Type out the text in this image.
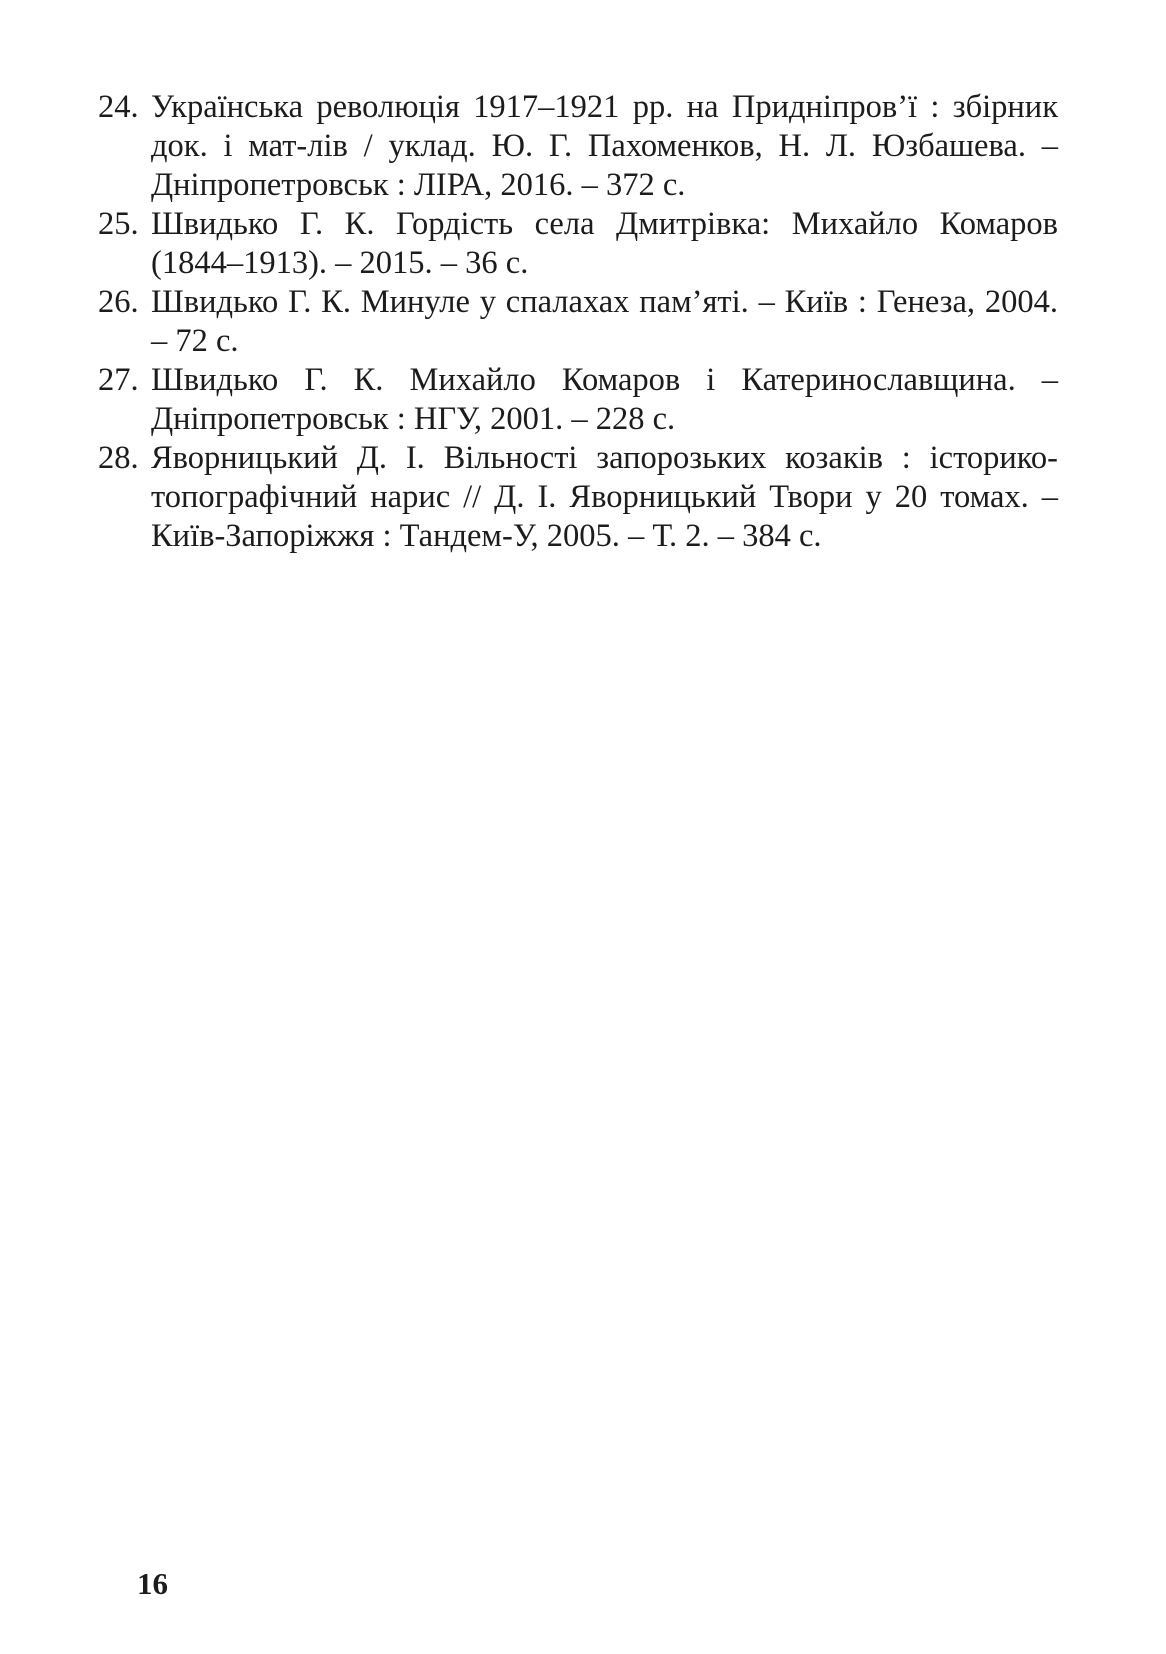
24. Українська революція 1917–1921 рр. на Придніпров’ї : збірник док. і мат-лів / уклад. Ю. Г. Пахоменков, Н. Л. Юзбашева. – Дніпропетровськ : ЛІРА, 2016. – 372 с.
25. Швидько Г. К. Гордість села Дмитрівка: Михайло Комаров (1844–1913). – 2015. – 36 с.
26. Швидько Г. К. Минуле у спалахах пам’яті. – Київ : Генеза, 2004. – 72 с.
27. Швидько Г. К. Михайло Комаров і Катеринославщина. – Дніпропетровськ : НГУ, 2001. – 228 с.
28. Яворницький Д. І. Вільності запорозьких козаків : історико-топографічний нарис // Д. І. Яворницький Твори у 20 томах. – Київ-Запоріжжя : Тандем-У, 2005. – Т. 2. – 384 с.
16
